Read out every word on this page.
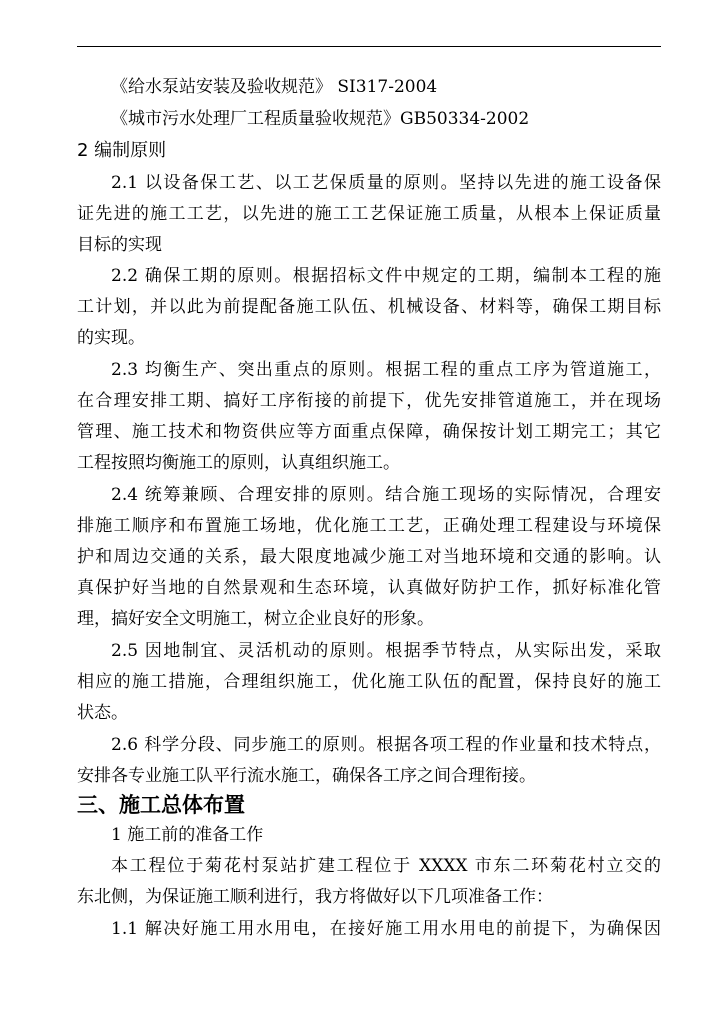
《给水泵站安装及验收规范》 SI317-2004
《城市污水处理厂工程质量验收规范》GB50334-2002
2 编制原则
2.1 以设备保工艺、以工艺保质量的原则。坚持以先进的施工设备保
证先进的施工工艺，以先进的施工工艺保证施工质量，从根本上保证质量
目标的实现
2.2 确保工期的原则。根据招标文件中规定的工期，编制本工程的施
工计划，并以此为前提配备施工队伍、机械设备、材料等，确保工期目标
的实现。
2.3 均衡生产、突出重点的原则。根据工程的重点工序为管道施工，
在合理安排工期、搞好工序衔接的前提下，优先安排管道施工，并在现场
管理、施工技术和物资供应等方面重点保障，确保按计划工期完工；其它
工程按照均衡施工的原则，认真组织施工。
2.4 统筹兼顾、合理安排的原则。结合施工现场的实际情况，合理安
排施工顺序和布置施工场地，优化施工工艺，正确处理工程建设与环境保
护和周边交通的关系，最大限度地减少施工对当地环境和交通的影响。认
真保护好当地的自然景观和生态环境，认真做好防护工作，抓好标准化管
理，搞好安全文明施工，树立企业良好的形象。
2.5 因地制宜、灵活机动的原则。根据季节特点，从实际出发，采取
相应的施工措施，合理组织施工，优化施工队伍的配置，保持良好的施工
状态。
2.6 科学分段、同步施工的原则。根据各项工程的作业量和技术特点，
安排各专业施工队平行流水施工，确保各工序之间合理衔接。
三、施工总体布置
1 施工前的准备工作
本工程位于菊花村泵站扩建工程位于 XXXX 市东二环菊花村立交的
东北侧，为保证施工顺利进行，我方将做好以下几项准备工作：
1.1 解决好施工用水用电，在接好施工用水用电的前提下，为确保因
